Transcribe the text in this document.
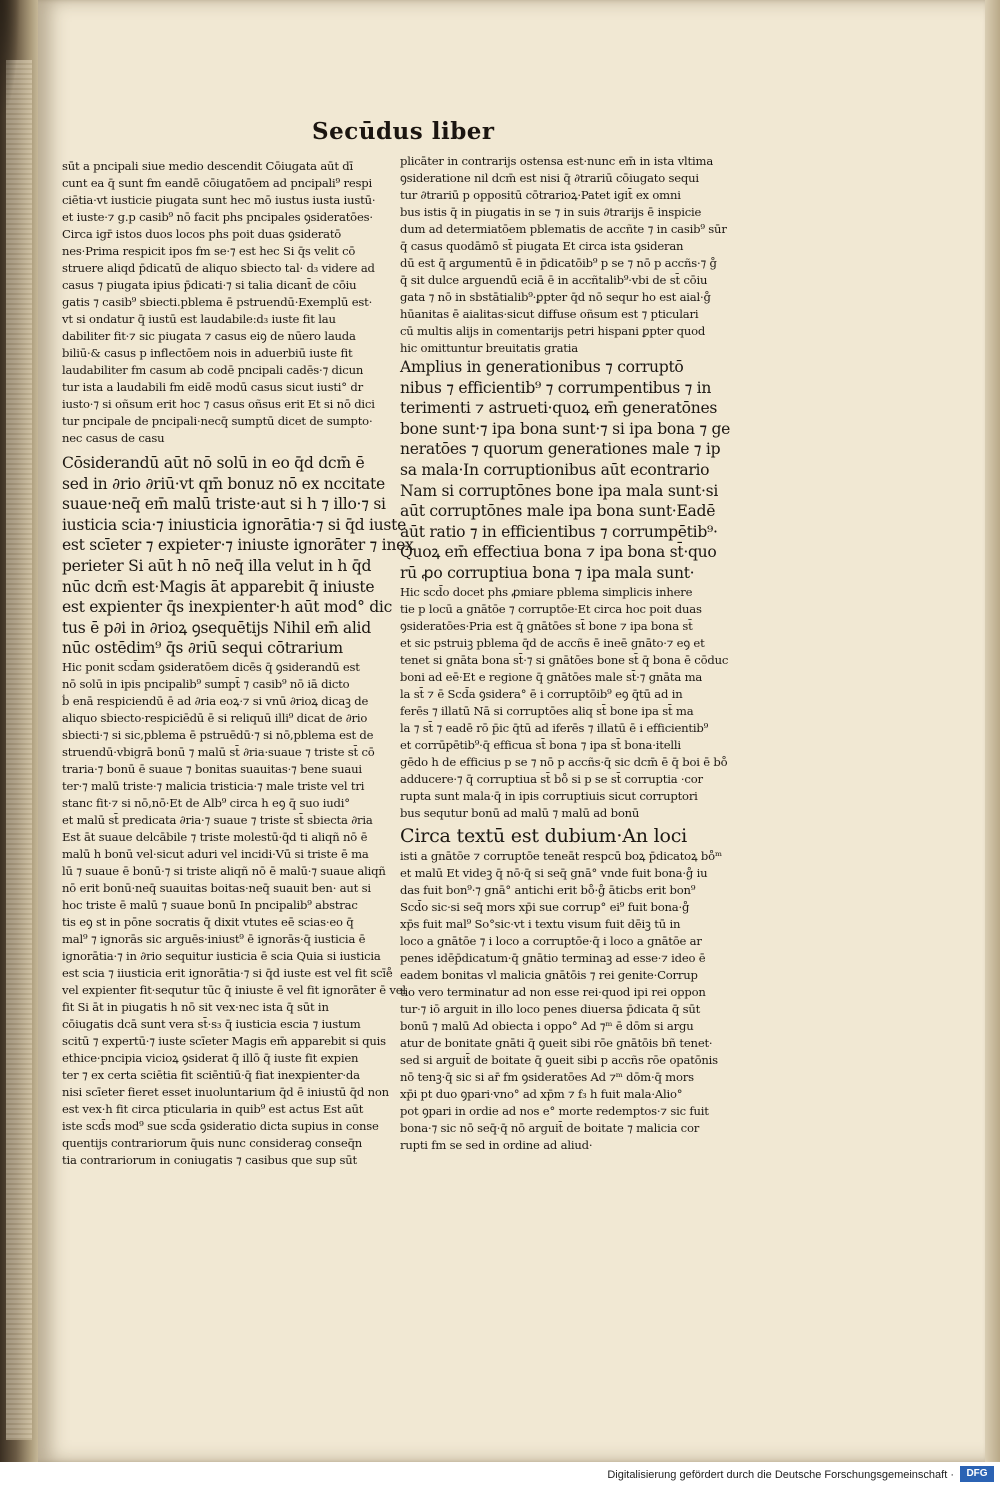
Secūdus liber
sūt a pncipali siue medio descendit Cōiugata aūt dī
cunt ea q̄ sunt fm eandē cōiugatōem ad pncipali⁹ respi
ciētia·vt iusticie piugata sunt hec mō iustus iusta iustū·
et iuste·⁊ g.p casib⁹ nō facit phs pncipales ꝯsideratōes·
Circa igr̄ istos duos locos phs poit duas ꝯsideratō
nes·Prima respicit ipos fm se·⁊ est hec Si q̄s velit cō
struere aliqd p̄dicatū de aliquo sbiecto tal· d₃ videre ad
casus ⁊ piugata ipius p̄dicati·⁊ si talia dicant̄ de cōiu
gatis ⁊ casib⁹ sbiecti.pblema ē pstruendū·Exemplū est·
vt si ondatur q̄ iustū est laudabile:d₃ iuste fit lau
dabiliter fit·⁊ sic piugata ⁊ casus eiꝯ de nūero lauda
biliū·& casus p inflectōem nois in aduerbiū iuste fit
laudabiliter fm casum ab codē pncipali cadēs·⁊ dicun
tur ista a laudabili fm eidē modū casus sicut iusti° dr
iusto·⁊ si oñsum erit hoc ⁊ casus oñsus erit Et si nō dici
tur pncipale de pncipali·necq̄ sumptū dicet de sumpto·
nec casus de casu
Cōsiderandū aūt nō solū in eo q̄d dcm̄ ē
sed in ∂rio ∂riū·vt qm̄ bonuz nō ex nccitate
suaue·neq̄ em̄ malū triste·aut si h ⁊ illo·⁊ si
iusticia scia·⁊ iniusticia ignorātia·⁊ si q̄d iuste
est scīeter ⁊ expieter·⁊ iniuste ignorāter ⁊ inex
perieter Si aūt h nō neq̄ illa velut in h q̄d
nūc dcm̄ est·Magis āt apparebit q̄ iniuste
est expienter q̄s inexpienter·h aūt mod° dic
tus ē p∂i in ∂rioꝝ ꝯsequētijs Nihil em̄ alid
nūc ostēdim⁹ q̄s ∂riū sequi cōtrarium
Hic ponit scd̄am ꝯsideratōem dicēs q̄ ꝯsiderandū est
nō solū in ipis pncipalib⁹ sumpt̄ ⁊ casib⁹ nō iā dicto
ḃ enā respiciendū ē ad ∂ria eoꝝ·⁊ si vnū ∂rioꝝ dicaꝫ de
aliquo sbiecto·respiciēdū ē si reliquū illi⁹ dicat de ∂rio
sbiecti·⁊ si sic,pblema ē pstruēdū·⁊ si nō,pblema est de
struendū·vbigrā bonū ⁊ malū st̄ ∂ria·suaue ⁊ triste st̄ cō
traria·⁊ bonū ē suaue ⁊ bonitas suauitas·⁊ bene suaui
ter·⁊ malū triste·⁊ malicia tristicia·⁊ male triste vel tri
stanc fit·⁊ si nō,nō·Et de Alb⁹ circa h eꝯ q̄ suo iudi°
et malū st̄ predicata ∂ria·⁊ suaue ⁊ triste st̄ sbiecta ∂ria
Est āt suaue delcābile ⁊ triste molestū·q̄d ti aliqñ nō ē
malū h bonū vel·sicut aduri vel incidi·Vū si triste ē ma
lū ⁊ suaue ē bonū·⁊ si triste aliqñ nō ē malū·⁊ suaue aliqñ
nō erit bonū·neq̄ suauitas boitas·neq̄ suauit ben· aut si
hoc triste ē malū ⁊ suaue bonū In pncipalib⁹ abstrac
tis eꝯ st in pōne socratis q̄ dixit vtutes eē scias·eo q̄
mal⁹ ⁊ ignorās sic arguēs·iniust⁹ ē ignorās·q̄ iusticia ē
ignorātia·⁊ in ∂rio sequitur iusticia ē scia Quia si iusticia
est scia ⁊ iiusticia erit ignorātia·⁊ si q̄d iuste est vel fit scīe̊
vel expienter fit·sequtur tūc q̄ iniuste ē vel fit ignorāter ē vel
fit Si āt in piugatis h nō sit vex·nec ista q̄ sūt in
cōiugatis dcā sunt vera st̄·s₃ q̄ iusticia escia ⁊ iustum
scitū ⁊ expertū·⁊ iuste scīeter Magis em̄ apparebit si quis
ethice·pncipia vicioꝝ ꝯsiderat q̄ illō q̄ iuste fit expien
ter ⁊ ex certa sciētia fit sciēntiū·q̄ fiat inexpienter·da
nisi scīeter fieret esset inuoluntarium q̄d ē iniustū q̄d non
est vex·h fit circa pticularia in quib⁹ est actus Est aūt
iste scd̄s mod⁹ sue scd̄a ꝯsideratio dicta supius in conse
quentijs contrariorum q̄uis nunc consideraꝯ conseq̄n
tia contrariorum in coniugatis ⁊ casibus que sup sūt
plicāter in contrarijs ostensa est·nunc em̄ in ista vltima
ꝯsideratione nil dcm̄ est nisi q̄ ∂trariū cōiugato sequi
tur ∂trariū p oppositū cōtrarioꝝ·Patet igit̄ ex omni
bus istis q̄ in piugatis in se ⁊ in suis ∂trarijs ē inspicie
dum ad determiatōem pblematis de accñte ⁊ in casib⁹ sūr
q̄ casus quodāmō st̄ piugata Et circa ista ꝯsideran
dū est q̄ argumentū ē in p̄dicatōib⁹ p se ⁊ nō p accñs·⁊ g̊
q̄ sit dulce arguendū eciā ē in accñtalib⁹·vbi de st̄ cōiu
gata ⁊ nō in sbstātialib⁹·ꝑpter q̄d nō sequr ho est aial·g̊
hūanitas ē aialitas·sicut diffuse oñsum est ⁊ pticulari
cū multis alijs in comentarijs petri hispani ꝑpter quod
hic omittuntur breuitatis gratia
Amplius in generationibus ⁊ corruptō
nibus ⁊ efficientib⁹ ⁊ corrumpentibus ⁊ in
terimenti ⁊ astrueti·quoꝝ em̄ generatōnes
bone sunt·⁊ ipa bona sunt·⁊ si ipa bona ⁊ ge
neratōes ⁊ quorum generationes male ⁊ ip
sa mala·In corruptionibus aūt econtrario
Nam si corruptōnes bone ipa mala sunt·si
aūt corruptōnes male ipa bona sunt·Eadē
aūt ratio ⁊ in efficientibus ⁊ corrumpētib⁹·
Quoꝝ em̄ effectiua bona ⁊ ipa bona st̄·quo
rū ꝓo corruptiua bona ⁊ ipa mala sunt·
Hic scd̄o docet phs ꝓmiare pblema simplicis inhere
tie p locū a gnātōe ⁊ corruptōe·Et circa hoc poit duas
ꝯsideratōes·Pria est q̄ gnātōes st̄ bone ⁊ ipa bona st̄
et sic pstruiꝫ pblema q̄d de accñs ē ineē gnāto·⁊ eꝯ et
tenet si gnāta bona st̄·⁊ si gnātōes bone st̄ q̄ bona ē cōduc
boni ad eē·Et e regione q̄ gnātōes male st̄·⁊ gnāta ma
la st̄ ⁊ ē Scd̄a ꝯsidera° ē i corruptōib⁹ eꝯ q̄tū ad in
ferēs ⁊ illatū Nā si corruptōes aliq st̄ bone ipa st̄ ma
la ⁊ st̄ ⁊ eadē rō p̄ic q̄tū ad iferēs ⁊ illatū ē i efficientib⁹
et corrūpētib⁹·q̄ efficua st̄ bona ⁊ ipa st̄ bona·itelli
gēdo h de efficius p se ⁊ nō p accñs·q̄ sic dcm̄ ē q̄ boi ē bo̊
adducere·⁊ q̄ corruptiua st̄ bo̊ si p se st̄ corruptia ·cor
rupta sunt mala·q̄ in ipis corruptiuis sicut corruptori
bus sequtur bonū ad malū ⁊ malū ad bonū
Circa textū est dubium·An loci
isti a gnātōe ⁊ corruptōe teneāt respcū boꝝ p̄dicatoꝝ bo̊ᵐ
et malū Et videꝫ q̄ nō·q̄ si seq̄ gnā° vnde fuit bona·g̊ iu
das fuit bon⁹·⁊ gnā° antichi erit bo̊·g̊ āticbs erit bon⁹
Scd̄o sic·si seq̄ mors xp̄i sue corrup° ei⁹ fuit bona·g̊
xp̄s fuit mal⁹ So°sic·vt i textu visum fuit dēiꝫ tū in
loco a gnātōe ⁊ i loco a corruptōe·q̄ i loco a gnātōe ar
penes idēp̄dicatum·q̄ gnātio terminaꝫ ad esse·⁊ ideo ē
eadem bonitas vl malicia gnātōis ⁊ rei genite·Corrup
tio vero terminatur ad non esse rei·quod ipi rei oppon
tur·⁊ iō arguit in illo loco penes diuersa p̄dicata q̄ sūt
bonū ⁊ malū Ad obiecta i oppo° Ad ⁊ᵐ ē dōm si argu
atur de bonitate gnāti q̄ ꝯueit sibi rōe gnātōis bñ tenet·
sed si arguit̄ de boitate q̄ ꝯueit sibi p accñs rōe opatōnis
nō tenꝫ·q̄ sic si ar̄ fm ꝯsideratōes Ad ⁊ᵐ dōm·q̄ mors
xp̄i pt duo ꝯpari·vno° ad xp̄m ⁊ f₃ h fuit mala·Alio°
pot ꝯpari in ordie ad nos e° morte redemptos·⁊ sic fuit
bona·⁊ sic nō seq̄·q̄ nō arguit̄ de boitate ⁊ malicia cor
rupti fm se sed in ordine ad aliud·
Digitalisierung gefördert durch die Deutsche Forschungsgemeinschaft ·	DFG
